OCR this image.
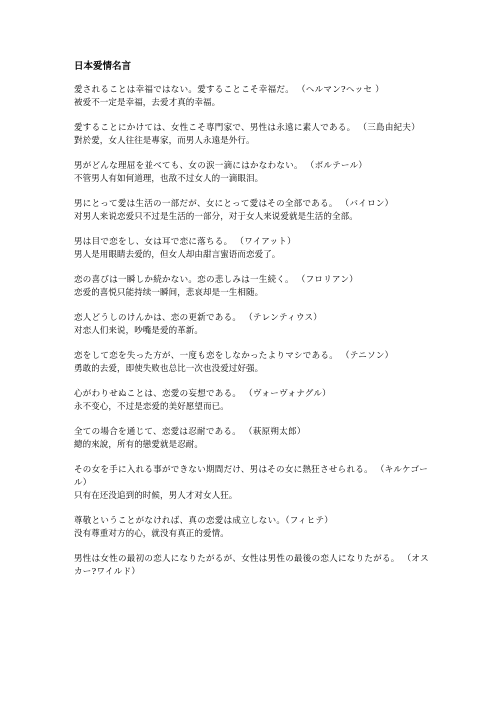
日本爱情名言
愛されることは幸福ではない。愛することこそ幸福だ。 （ヘルマン?ヘッセ ）
被爱不一定是幸福，去爱才真的幸福。
愛することにかけては、女性こそ専門家で、男性は永遠に素人である。 （三島由紀夫）
對於愛，女人往往是專家，而男人永遠是外行。
男がどんな理屈を並べても、女の涙一滴にはかなわない。 （ボルテール）
不管男人有如何道理，也敌不过女人的一滴眼泪。
男にとって愛は生活の一部だが、女にとって愛はその全部である。 （バイロン）
对男人来说恋爱只不过是生活的一部分，对于女人来说爱就是生活的全部。
男は目で恋をし、女は耳で恋に落ちる。 （ワイアット）
男人是用眼睛去爱的，但女人却由甜言蜜语而恋爱了。
恋の喜びは一瞬しか続かない。恋の悲しみは一生続く。 （フロリアン）
恋爱的喜悦只能持续一瞬间，悲哀却是一生相随。
恋人どうしのけんかは、恋の更新である。 （テレンティウス）
对恋人们来说，吵嘴是爱的革新。
恋をして恋を失った方が、一度も恋をしなかったよりマシである。 （テニソン）
勇敢的去爱，即使失败也总比一次也没爱过好强。
心がわりせぬことは、恋愛の妄想である。 （ヴォーヴォナグル）
永不变心，不过是恋爱的美好愿望而已。
全ての場合を通じて、恋愛は忍耐である。 （萩原朔太郎）
總的來說，所有的戀愛就是忍耐。
その女を手に入れる事ができない期間だけ、男はその女に熱狂させられる。 （キルケゴール）
只有在还没追到的时候，男人才对女人狂。
尊敬ということがなければ、真の恋愛は成立しない。（フィヒテ）
没有尊重对方的心，就没有真正的爱情。
男性は女性の最初の恋人になりたがるが、女性は男性の最後の恋人になりたがる。 （オスカー?ワイルド）
